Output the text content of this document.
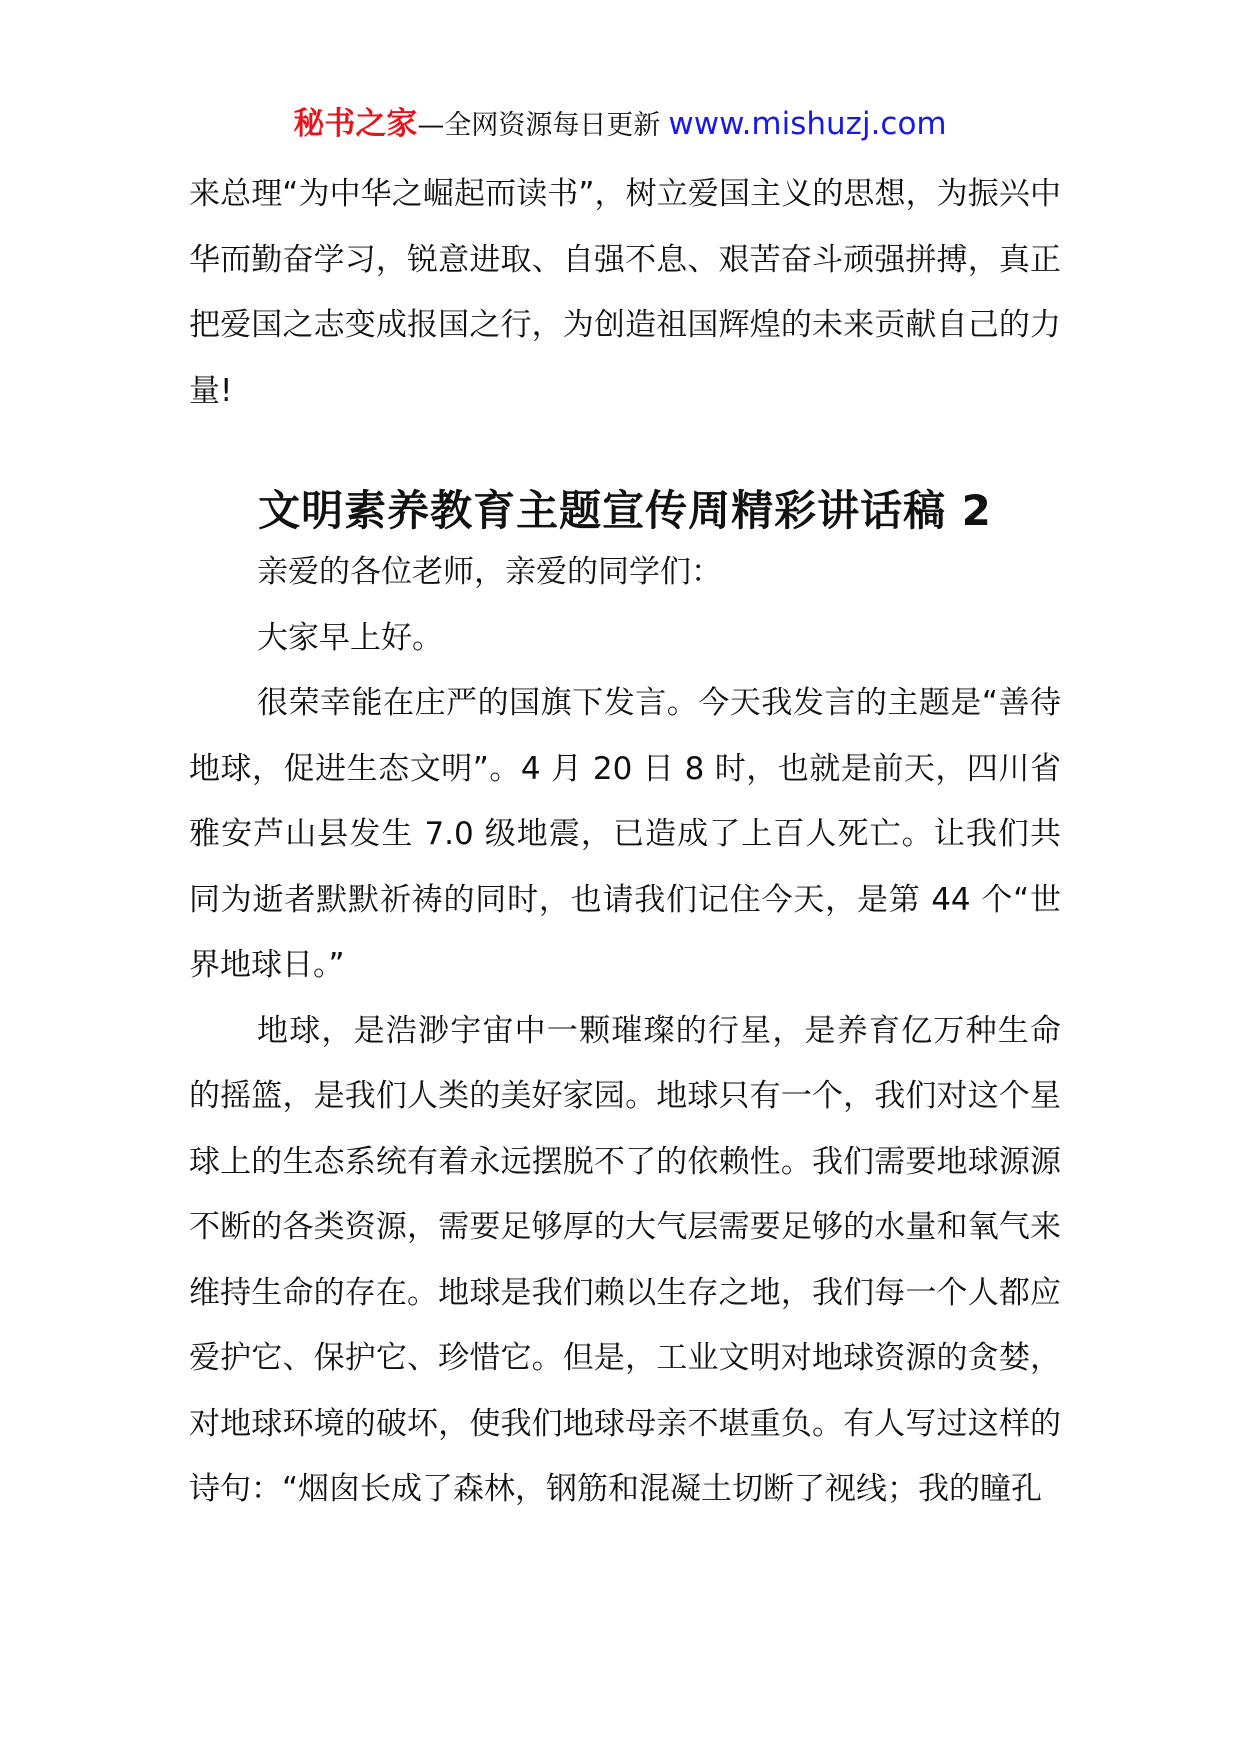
秘书之家—全网资源每日更新 www.mishuzj.com

来总理“为中华之崛起而读书”，树立爱国主义的思想，为振兴中华而勤奋学习，锐意进取、自强不息、艰苦奋斗顽强拼搏，真正把爱国之志变成报国之行，为创造祖国辉煌的未来贡献自己的力量!

文明素养教育主题宣传周精彩讲话稿 2

亲爱的各位老师，亲爱的同学们：

大家早上好。

很荣幸能在庄严的国旗下发言。今天我发言的主题是“善待地球，促进生态文明”。4 月 20 日 8 时，也就是前天，四川省雅安芦山县发生 7.0 级地震，已造成了上百人死亡。让我们共同为逝者默默祈祷的同时，也请我们记住今天，是第 44 个“世界地球日。”

地球，是浩渺宇宙中一颗璀璨的行星，是养育亿万种生命的摇篮，是我们人类的美好家园。地球只有一个，我们对这个星球上的生态系统有着永远摆脱不了的依赖性。我们需要地球源源不断的各类资源，需要足够厚的大气层需要足够的水量和氧气来维持生命的存在。地球是我们赖以生存之地，我们每一个人都应爱护它、保护它、珍惜它。但是，工业文明对地球资源的贪婪，对地球环境的破坏，使我们地球母亲不堪重负。有人写过这样的诗句：“烟囱长成了森林，钢筋和混凝土切断了视线；我的瞳孔
